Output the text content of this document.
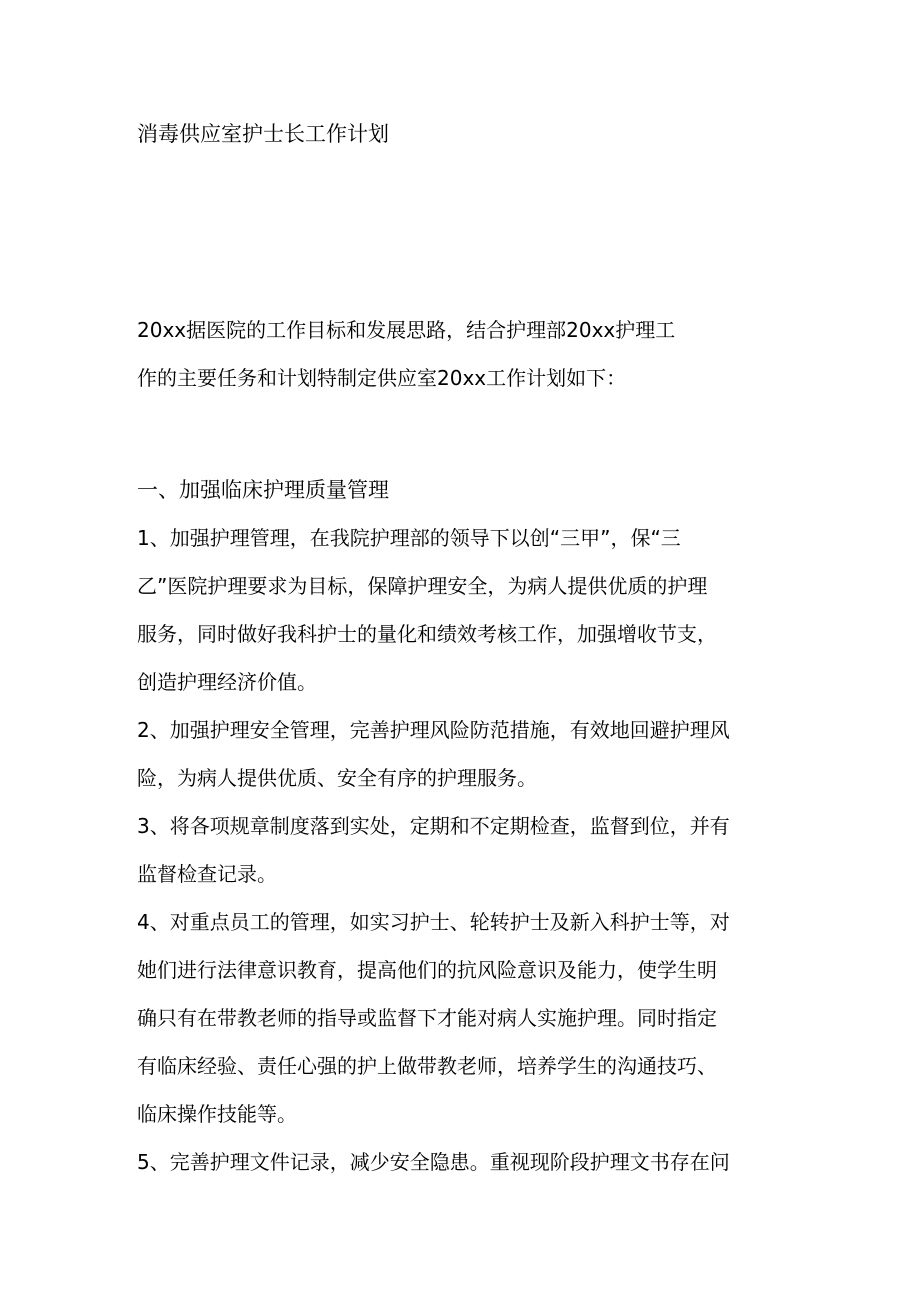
消毒供应室护士长工作计划
20xx据医院的工作目标和发展思路，结合护理部20xx护理工
作的主要任务和计划特制定供应室20xx工作计划如下：
一、加强临床护理质量管理
1、加强护理管理，在我院护理部的领导下以创“三甲”，保“三
乙”医院护理要求为目标，保障护理安全，为病人提供优质的护理
服务，同时做好我科护士的量化和绩效考核工作，加强增收节支，
创造护理经济价值。
2、加强护理安全管理，完善护理风险防范措施，有效地回避护理风
险，为病人提供优质、安全有序的护理服务。
3、将各项规章制度落到实处，定期和不定期检查，监督到位，并有
监督检查记录。
4、对重点员工的管理，如实习护士、轮转护士及新入科护士等，对
她们进行法律意识教育，提高他们的抗风险意识及能力，使学生明
确只有在带教老师的指导或监督下才能对病人实施护理。同时指定
有临床经验、责任心强的护上做带教老师，培养学生的沟通技巧、
临床操作技能等。
5、完善护理文件记录，减少安全隐患。重视现阶段护理文书存在问
